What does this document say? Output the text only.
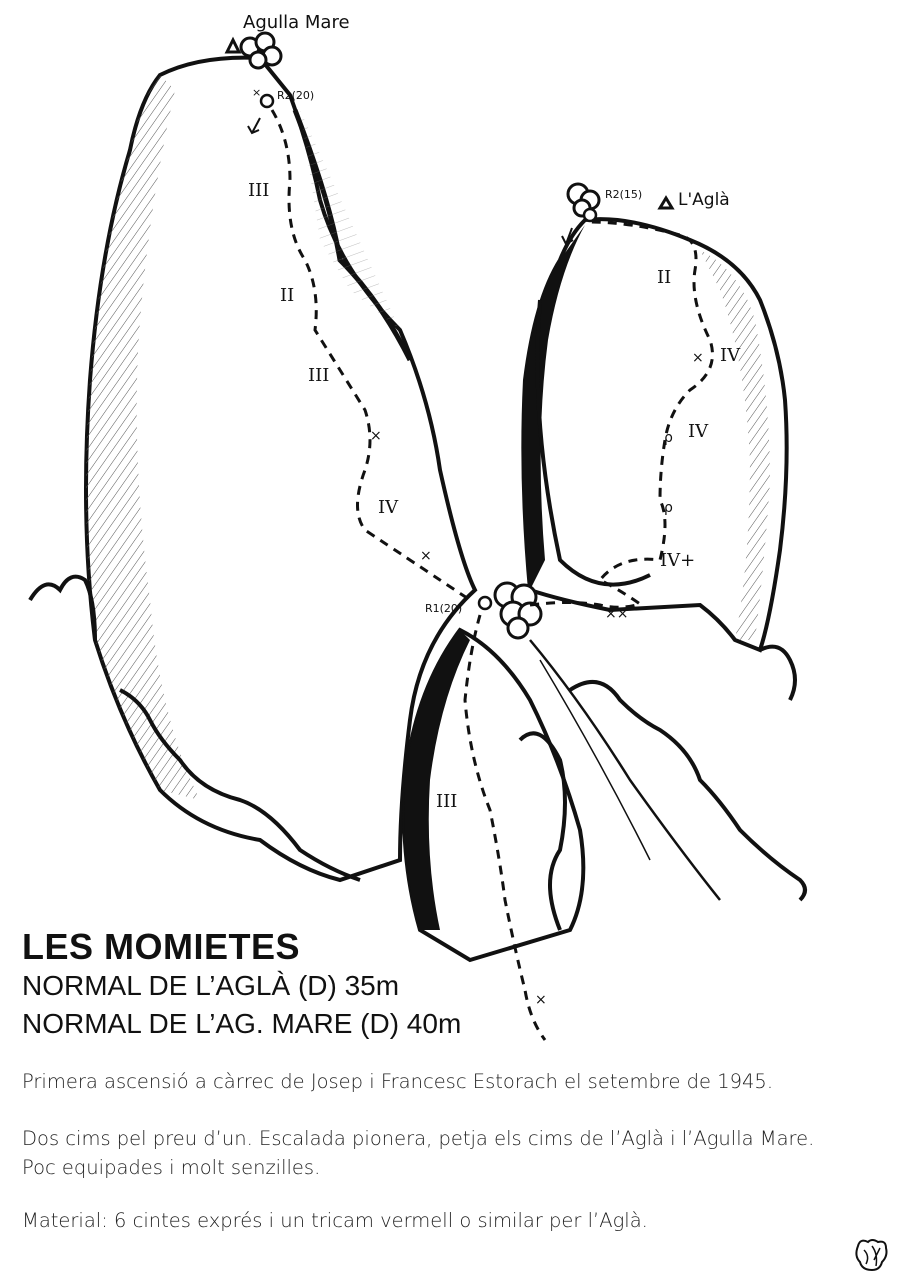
R2(20)
×
R2(15)
R1(20)
×
×
×
××
×
ρ
ρ
Agulla Mare
L'Aglà
III
II
III
IV
II
IV
IV
IV+
III
LES MOMIETES
NORMAL DE L’AGLÀ (D) 35m
NORMAL DE L’AG. MARE (D) 40m

Primera ascensió a càrrec de Josep i Francesc Estorach el setembre de 1945.

Dos cims pel preu d’un. Escalada pionera, petja els cims de l’Aglà i l’Agulla Mare.

Poc equipades i molt senzilles.

Material: 6 cintes exprés i un tricam vermell o similar per l’Aglà.
